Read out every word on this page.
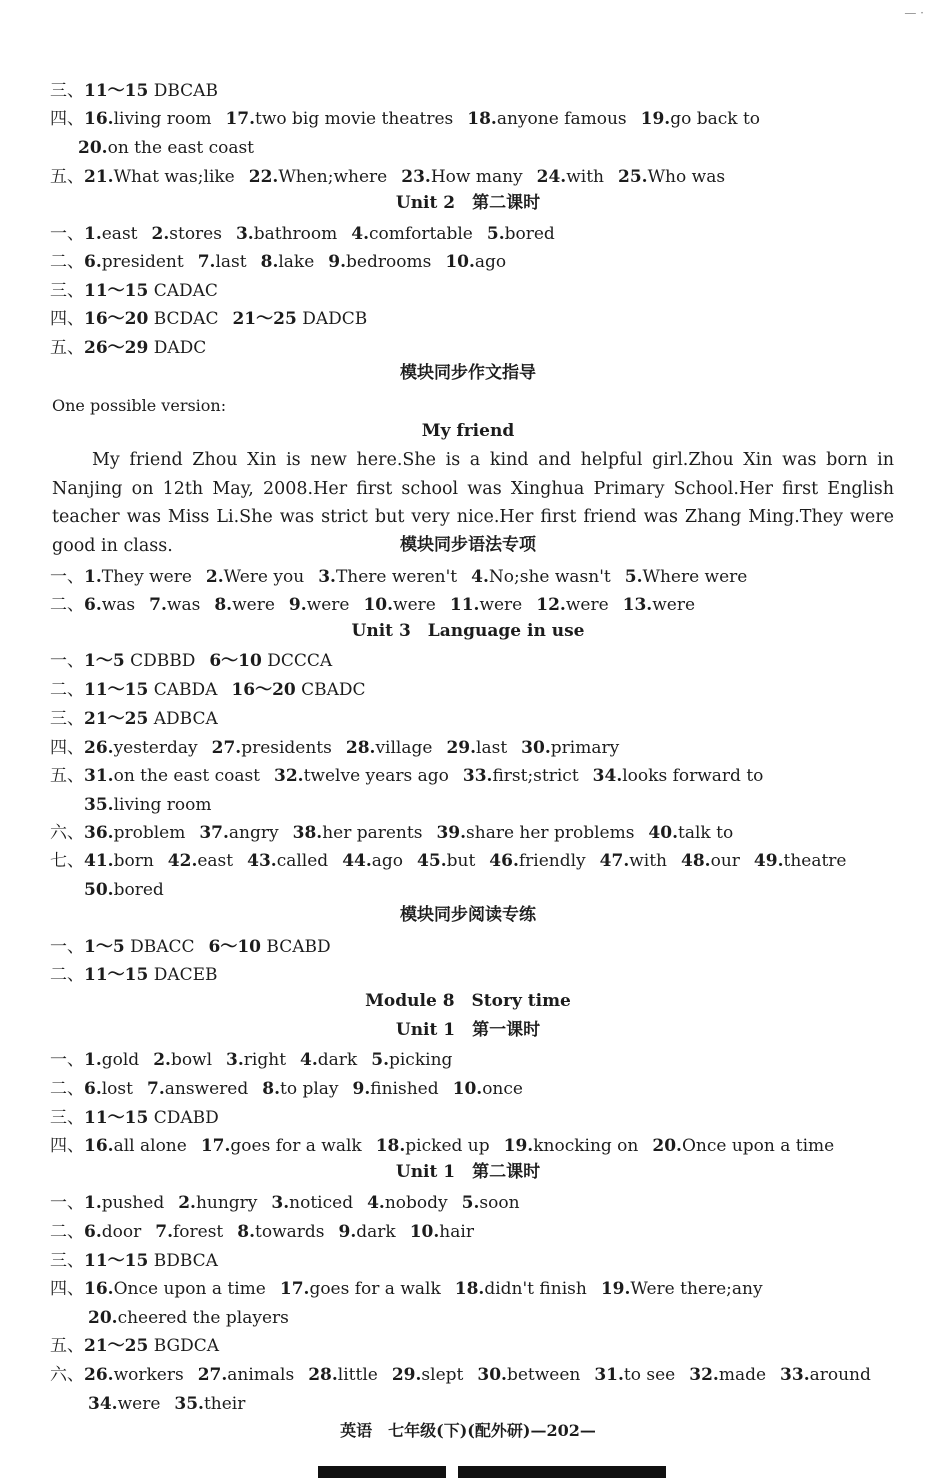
— ·
三、11～15 DBCAB
四、16.living room 17.two big movie theatres 18.anyone famous 19.go back to
20.on the east coast
五、21.What was;like 22.When;where 23.How many 24.with 25.Who was
一、1.east 2.stores 3.bathroom 4.comfortable 5.bored
二、6.president 7.last 8.lake 9.bedrooms 10.ago
三、11～15 CADAC
四、16～20 BCDAC 21～25 DADCB
五、26～29 DADC
一、1.They were 2.Were you 3.There weren't 4.No;she wasn't 5.Where were
二、6.was 7.was 8.were 9.were 10.were 11.were 12.were 13.were
一、1～5 CDBBD 6～10 DCCCA
二、11～15 CABDA 16～20 CBADC
三、21～25 ADBCA
四、26.yesterday 27.presidents 28.village 29.last 30.primary
五、31.on the east coast 32.twelve years ago 33.first;strict 34.looks forward to
35.living room
六、36.problem 37.angry 38.her parents 39.share her problems 40.talk to
七、41.born 42.east 43.called 44.ago 45.but 46.friendly 47.with 48.our 49.theatre
50.bored
一、1～5 DBACC 6～10 BCABD
二、11～15 DACEB
一、1.gold 2.bowl 3.right 4.dark 5.picking
二、6.lost 7.answered 8.to play 9.finished 10.once
三、11～15 CDABD
四、16.all alone 17.goes for a walk 18.picked up 19.knocking on 20.Once upon a time
一、1.pushed 2.hungry 3.noticed 4.nobody 5.soon
二、6.door 7.forest 8.towards 9.dark 10.hair
三、11～15 BDBCA
四、16.Once upon a time 17.goes for a walk 18.didn't finish 19.Were there;any
20.cheered the players
五、21～25 BGDCA
六、26.workers 27.animals 28.little 29.slept 30.between 31.to see 32.made 33.around
34.were 35.their
Unit 2　第二课时
模块同步作文指导
My friend
模块同步语法专项
Unit 3　Language in use
模块同步阅读专练
Module 8　Story time
Unit 1　第一课时
Unit 1　第二课时
One possible version:
My friend Zhou Xin is new here.She is a kind and helpful girl.Zhou Xin was born in Nanjing on 12th May, 2008.Her first school was Xinghua Primary School.Her first English teacher was Miss Li.She was strict but very nice.Her first friend was Zhang Ming.They were good in class.
英语　七年级(下)(配外研)—202—
